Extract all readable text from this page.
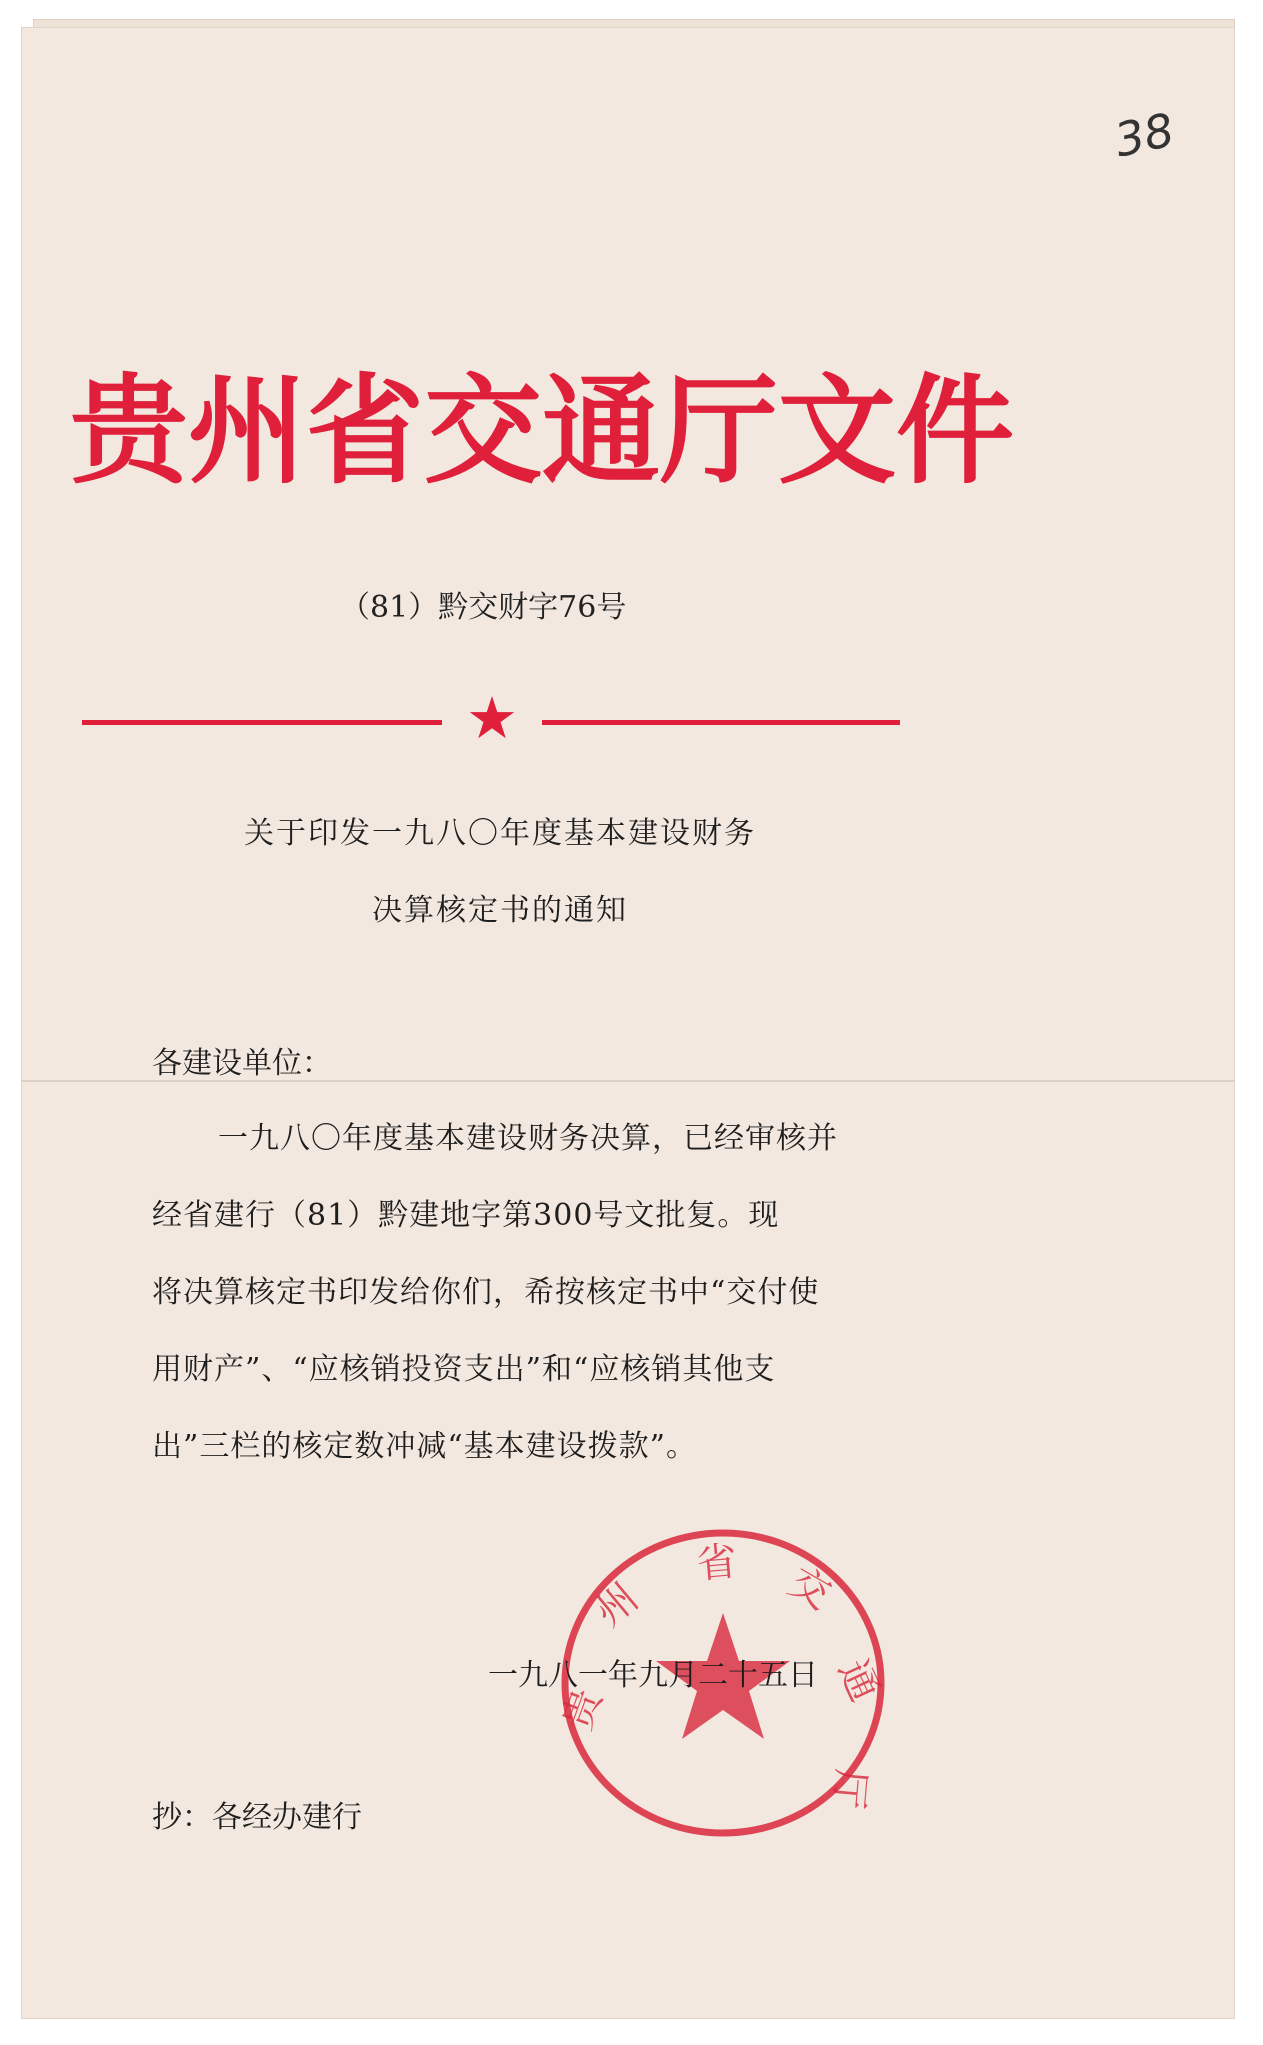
38
贵州省交通厅文件
（81）黔交财字76号
★
关于印发一九八〇年度基本建设财务
决算核定书的通知
各建设单位：
一九八〇年度基本建设财务决算，已经审核并
经省建行（81）黔建地字第300号文批复。现
将决算核定书印发给你们，希按核定书中“交付使
用财产”、“应核销投资支出”和“应核销其他支
出”三栏的核定数冲减“基本建设拨款”。
贵
州
省 交
通
厅
一九八一年九月二十五日
抄：各经办建行
